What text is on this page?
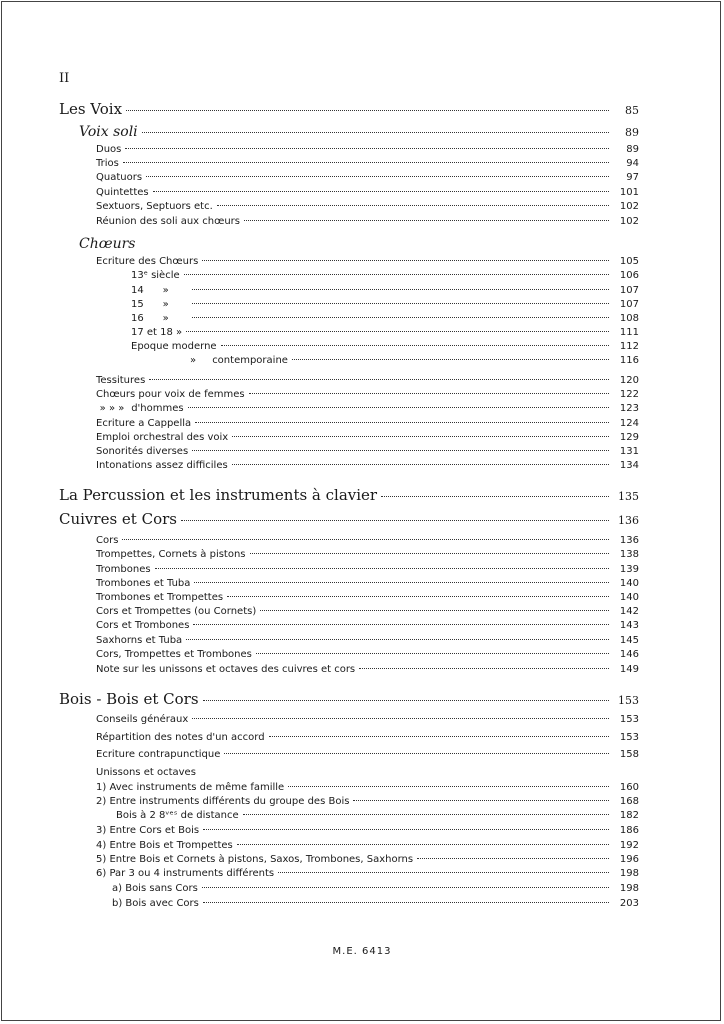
II
Les Voix	85
Voix soli	89
Duos	89
Trios	94
Quatuors	97
Quintettes	101
Sextuors, Septuors etc.	102
Réunion des soli aux chœurs	102
Chœurs
Ecriture des Chœurs	105
13ᵉ siècle	106
14 »	107
15 »	107
16 »	108
17 et 18 »	111
Epoque moderne	112
» contemporaine	116
Tessitures	120
Chœurs pour voix de femmes	122
» » » d'hommes	123
Ecriture a Cappella	124
Emploi orchestral des voix	129
Sonorités diverses	131
Intonations assez difficiles	134
La Percussion et les instruments à clavier	135
Cuivres et Cors	136
Cors	136
Trompettes, Cornets à pistons	138
Trombones	139
Trombones et Tuba	140
Trombones et Trompettes	140
Cors et Trompettes (ou Cornets)	142
Cors et Trombones	143
Saxhorns et Tuba	145
Cors, Trompettes et Trombones	146
Note sur les unissons et octaves des cuivres et cors	149
Bois - Bois et Cors	153
Conseils généraux	153
Répartition des notes d'un accord	153
Ecriture contrapunctique	158
Unissons et octaves
1) Avec instruments de même famille	160
2) Entre instruments différents du groupe des Bois	168
Bois à 2 8ᵛᵉˢ de distance	182
3) Entre Cors et Bois	186
4) Entre Bois et Trompettes	192
5) Entre Bois et Cornets à pistons, Saxos, Trombones, Saxhorns	196
6) Par 3 ou 4 instruments différents	198
a) Bois sans Cors	198
b) Bois avec Cors	203
M.E. 6413
